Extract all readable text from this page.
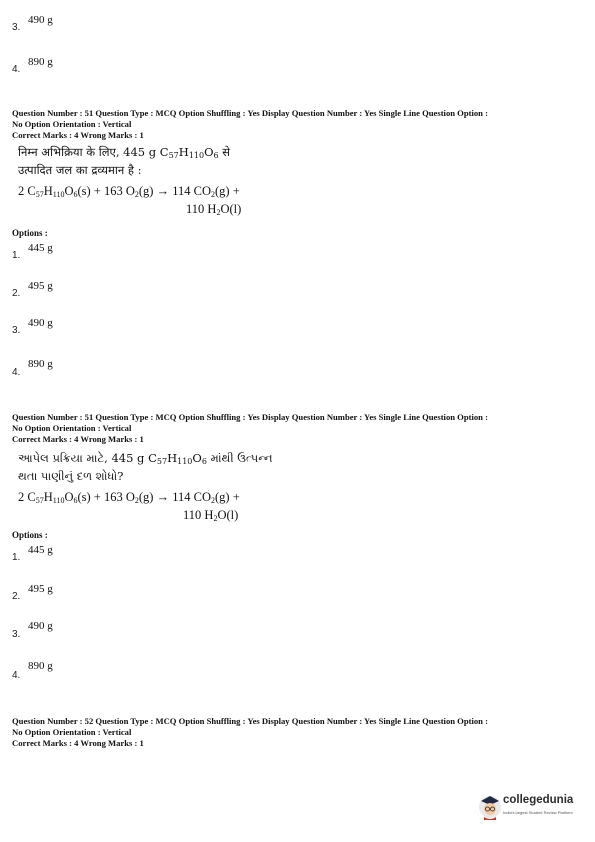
3.
490 g
4.
890 g
Question Number : 51 Question Type : MCQ Option Shuffling : Yes Display Question Number : Yes Single Line Question Option :
No Option Orientation : Vertical
Correct Marks : 4 Wrong Marks : 1
निम्न अभिक्रिया के लिए, 445 g $C_{57}H_{110}O_6$ से
उत्पादित जल का द्रव्यमान है :
2 $C_{57}H_{110}O_6(s) + 163$ $O_2(g) \to 114$ $CO_2(g)$ +
110 $H_2O(l)$
Options :
1.
445 g
2.
495 g
3.
490 g
4.
890 g
Question Number : 51 Question Type : MCQ Option Shuffling : Yes Display Question Number : Yes Single Line Question Option :
No Option Orientation : Vertical
Correct Marks : 4 Wrong Marks : 1
આપેલ પ્રક્રિયા માટે, 445 g $C_{57}H_{110}O_6$ માંથી ઉત્પન્ન
થતા પાણીનું દળ શોધો?
2 $C_{57}H_{110}O_6(s) + 163$ $O_2(g) \to 114$ $CO_2(g)$ +
110 $H_2O(l)$
Options :
1.
445 g
2.
495 g
3.
490 g
4.
890 g
Question Number : 52 Question Type : MCQ Option Shuffling : Yes Display Question Number : Yes Single Line Question Option :
No Option Orientation : Vertical
Correct Marks : 4 Wrong Marks : 1
collegedunia
India's largest Student Review Platform
